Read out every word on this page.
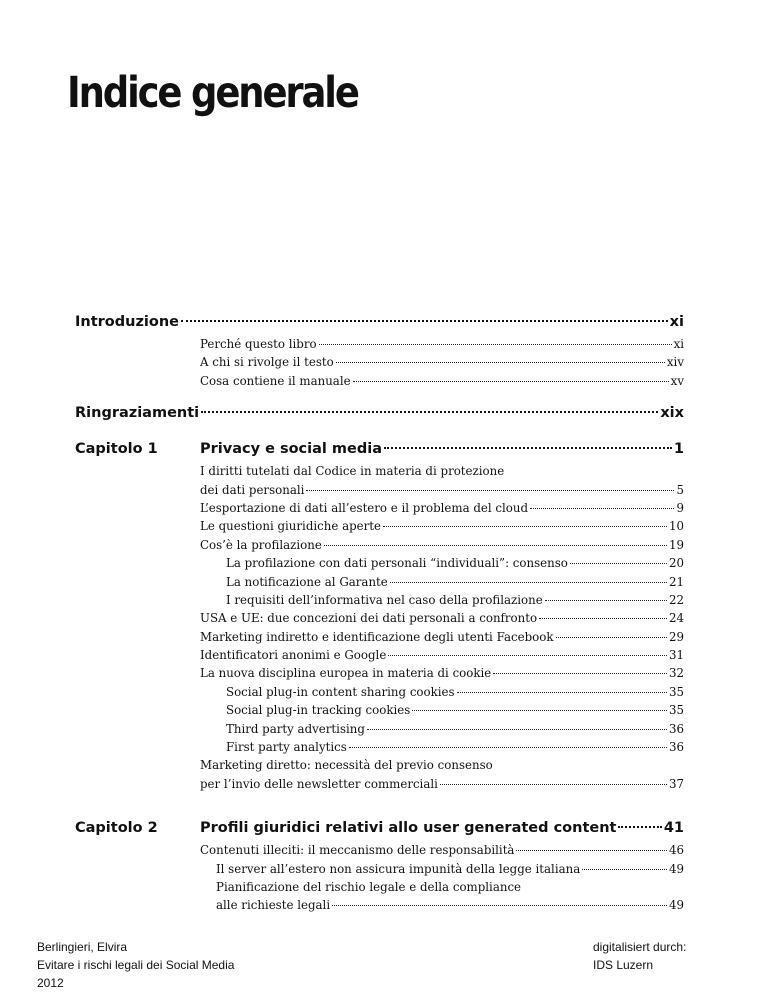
Indice generale
Introduzione	xi
Perché questo libro	xi
A chi si rivolge il testo	xiv
Cosa contiene il manuale	xv
Ringraziamenti	xix
Capitolo 1	Privacy e social media	1
I diritti tutelati dal Codice in materia di protezione
dei dati personali	5
L’esportazione di dati all’estero e il problema del cloud	9
Le questioni giuridiche aperte	10
Cos’è la profilazione	19
La profilazione con dati personali “individuali”: consenso	20
La notificazione al Garante	21
I requisiti dell’informativa nel caso della profilazione	22
USA e UE: due concezioni dei dati personali a confronto	24
Marketing indiretto e identificazione degli utenti Facebook	29
Identificatori anonimi e Google	31
La nuova disciplina europea in materia di cookie	32
Social plug-in content sharing cookies	35
Social plug-in tracking cookies	35
Third party advertising	36
First party analytics	36
Marketing diretto: necessità del previo consenso
per l’invio delle newsletter commerciali	37
Capitolo 2	Profili giuridici relativi allo user generated content	41
Contenuti illeciti: il meccanismo delle responsabilità	46
Il server all’estero non assicura impunità della legge italiana	49
Pianificazione del rischio legale e della compliance
alle richieste legali	49
Berlingieri, Elvira
Evitare i rischi legali dei Social Media
2012
digitalisiert durch:
IDS Luzern
